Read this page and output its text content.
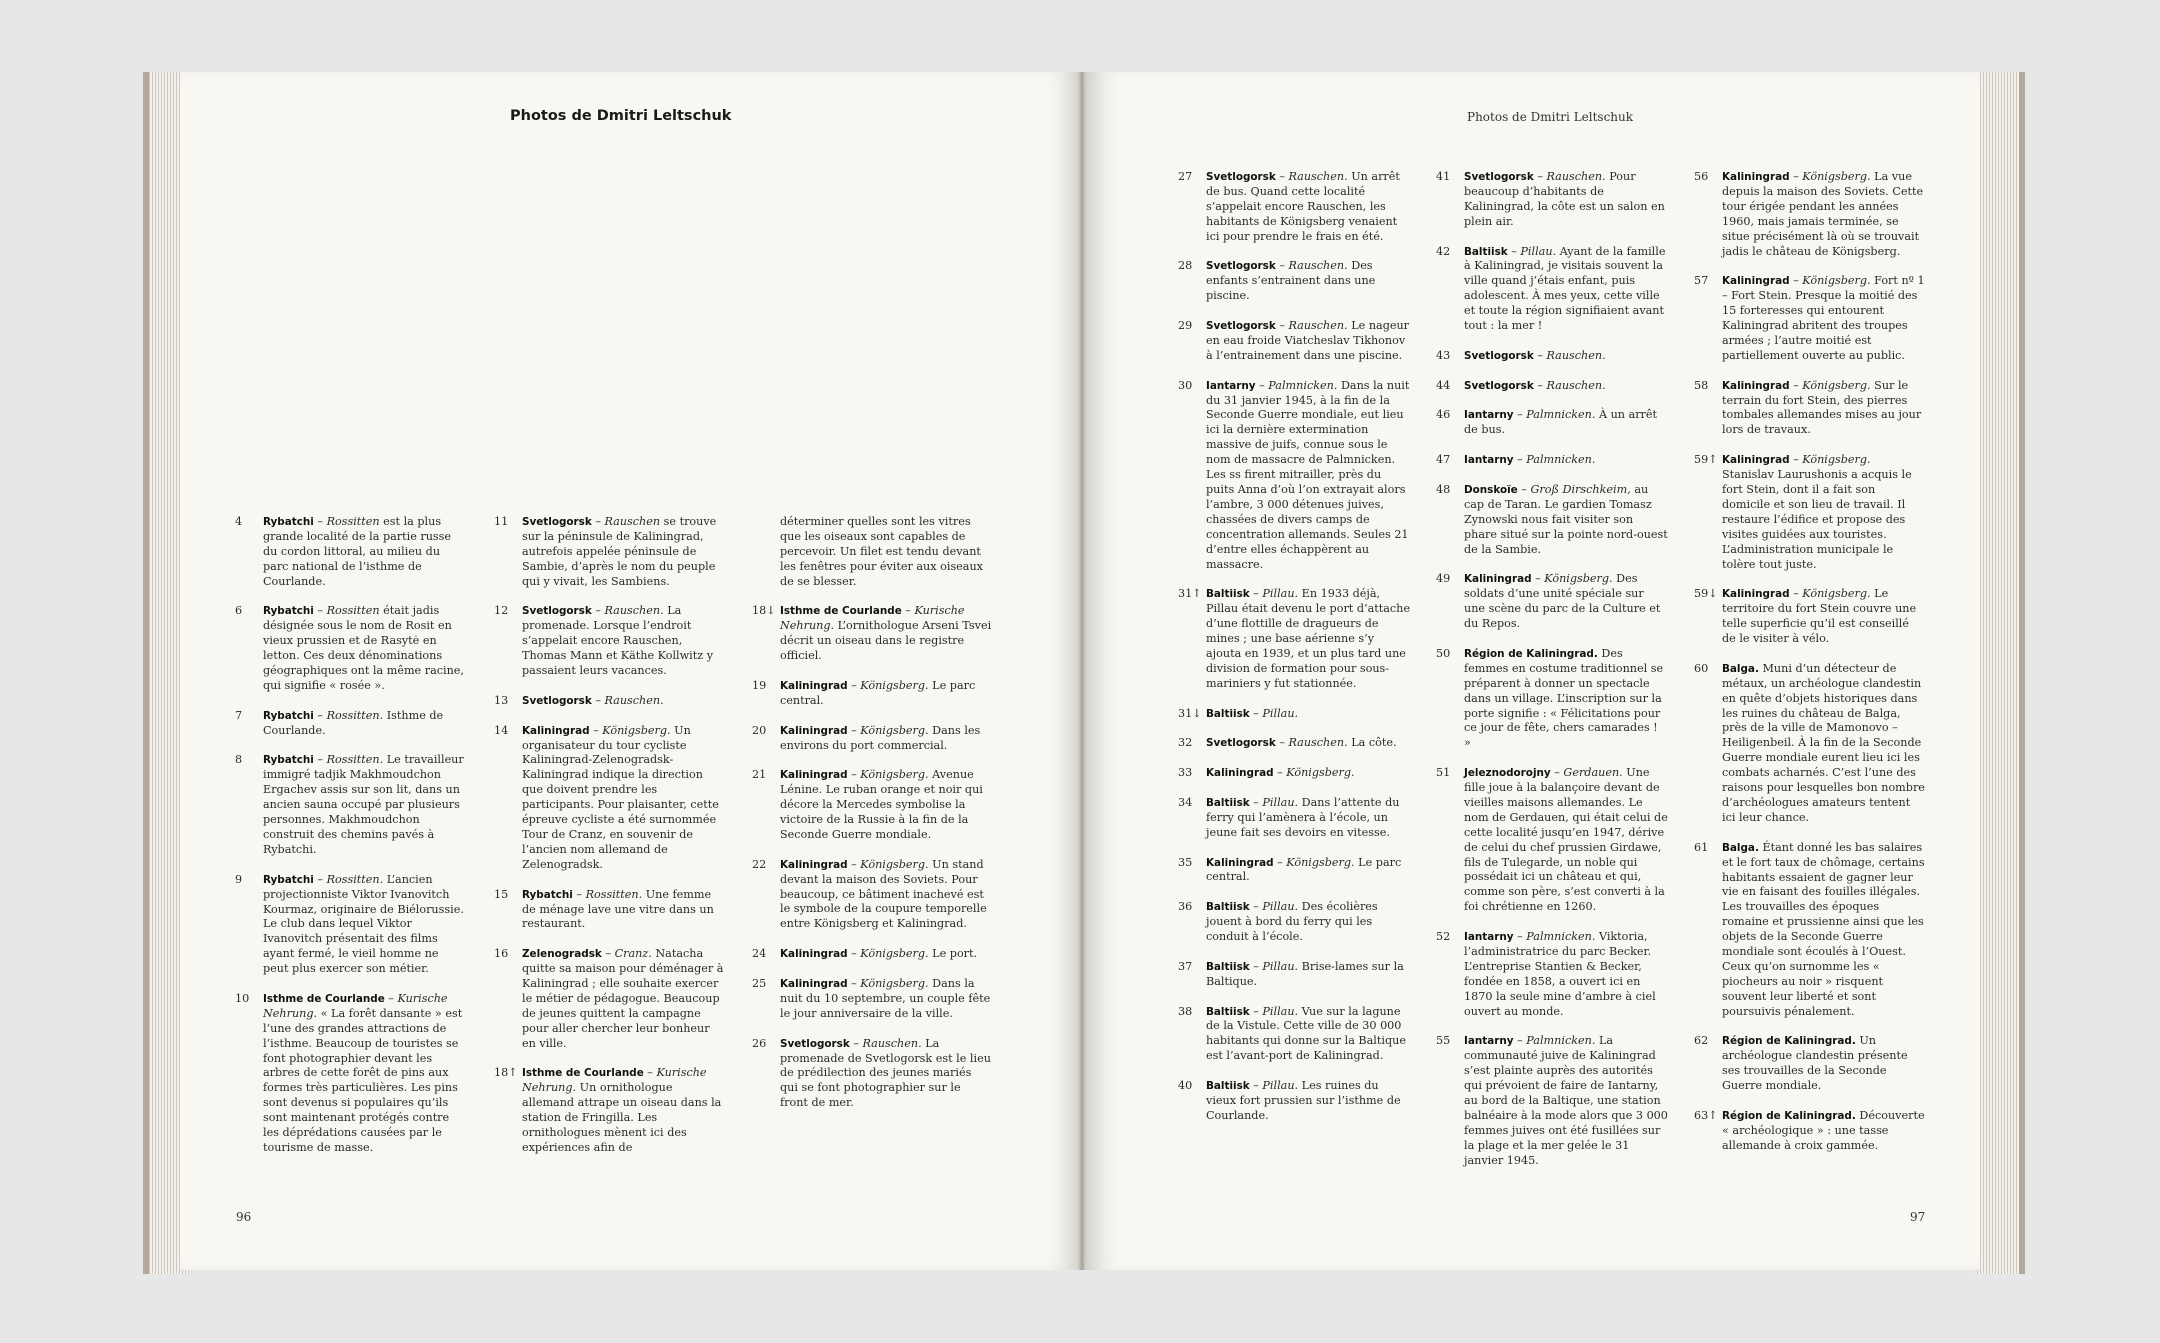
Photos de Dmitri Leltschuk	Photos de Dmitri Leltschuk
4	Rybatchi – Rossitten est la plus grande localité de la partie russe du cordon littoral, au milieu du parc national de l’isthme de Courlande.
6	Rybatchi – Rossitten était jadis désignée sous le nom de Rosit en vieux prussien et de Rasytė en letton. Ces deux dénominations géographiques ont la même racine, qui signifie « rosée ».
7	Rybatchi – Rossitten. Isthme de Courlande.
8	Rybatchi – Rossitten. Le travailleur immigré tadjik Makhmoudchon Ergachev assis sur son lit, dans un ancien sauna occupé par plusieurs personnes. Makhmoudchon construit des chemins pavés à Rybatchi.
9	Rybatchi – Rossitten. L’ancien projectionniste Viktor Ivanovitch Kourmaz, originaire de Biélorussie. Le club dans lequel Viktor Ivanovitch présentait des films ayant fermé, le vieil homme ne peut plus exercer son métier.
10	Isthme de Courlande – Kurische Nehrung. « La forêt dansante » est l’une des grandes attractions de l’isthme. Beaucoup de touristes se font photographier devant les arbres de cette forêt de pins aux formes très particulières. Les pins sont devenus si populaires qu’ils sont maintenant protégés contre les déprédations causées par le tourisme de masse.
11	Svetlogorsk – Rauschen se trouve sur la péninsule de Kaliningrad, autrefois appelée péninsule de Sambie, d’après le nom du peuple qui y vivait, les Sambiens.
12	Svetlogorsk – Rauschen. La promenade. Lorsque l’endroit s’appelait encore Rauschen, Thomas Mann et Käthe Kollwitz y passaient leurs vacances.
13	Svetlogorsk – Rauschen.
14	Kaliningrad – Königsberg. Un organisateur du tour cycliste Kaliningrad-Zelenogradsk-Kaliningrad indique la direction que doivent prendre les participants. Pour plaisanter, cette épreuve cycliste a été surnommée Tour de Cranz, en souvenir de l’ancien nom allemand de Zelenogradsk.
15	Rybatchi – Rossitten. Une femme de ménage lave une vitre dans un restaurant.
16	Zelenogradsk – Cranz. Natacha quitte sa maison pour déménager à Kaliningrad ; elle souhaite exercer le métier de pédagogue. Beaucoup de jeunes quittent la campagne pour aller chercher leur bonheur en ville.
18↑ Isthme de Courlande – Kurische Nehrung. Un ornithologue allemand attrape un oiseau dans la station de Fringilla. Les ornithologues mènent ici des expériences afin de
déterminer quelles sont les vitres que les oiseaux sont capables de percevoir. Un filet est tendu devant les fenêtres pour éviter aux oiseaux de se blesser.
18↓ Isthme de Courlande – Kurische Nehrung. L’ornithologue Arseni Tsvei décrit un oiseau dans le registre officiel.
19	Kaliningrad – Königsberg. Le parc central.
20	Kaliningrad – Königsberg. Dans les environs du port commercial.
21	Kaliningrad – Königsberg. Avenue Lénine. Le ruban orange et noir qui décore la Mercedes symbolise la victoire de la Russie à la fin de la Seconde Guerre mondiale.
22	Kaliningrad – Königsberg. Un stand devant la maison des Soviets. Pour beaucoup, ce bâtiment inachevé est le symbole de la coupure temporelle entre Königsberg et Kaliningrad.
24	Kaliningrad – Königsberg. Le port.
25	Kaliningrad – Königsberg. Dans la nuit du 10 septembre, un couple fête le jour anniversaire de la ville.
26	Svetlogorsk – Rauschen. La promenade de Svetlogorsk est le lieu de prédilection des jeunes mariés qui se font photographier sur le front de mer.
27	Svetlogorsk – Rauschen. Un arrêt de bus. Quand cette localité s’appelait encore Rauschen, les habitants de Königsberg venaient ici pour prendre le frais en été.
28	Svetlogorsk – Rauschen. Des enfants s’entrainent dans une piscine.
29	Svetlogorsk – Rauschen. Le nageur en eau froide Viatcheslav Tikhonov à l’entrainement dans une piscine.
30	Iantarny – Palmnicken. Dans la nuit du 31 janvier 1945, à la fin de la Seconde Guerre mondiale, eut lieu ici la dernière extermination massive de juifs, connue sous le nom de massacre de Palmnicken. Les ss firent mitrailler, près du puits Anna d’où l’on extrayait alors l’ambre, 3 000 détenues juives, chassées de divers camps de concentration allemands. Seules 21 d’entre elles échappèrent au massacre.
31↑ Baltiisk – Pillau. En 1933 déjà, Pillau était devenu le port d’attache d’une flottille de dragueurs de mines ; une base aérienne s’y ajouta en 1939, et un plus tard une division de formation pour sous-mariniers y fut stationnée.
31↓ Baltiisk – Pillau.
32	Svetlogorsk – Rauschen. La côte.
33	Kaliningrad – Königsberg.
34	Baltiisk – Pillau. Dans l’attente du ferry qui l’amènera à l’école, un jeune fait ses devoirs en vitesse.
35	Kaliningrad – Königsberg. Le parc central.
36	Baltiisk – Pillau. Des écolières jouent à bord du ferry qui les conduit à l’école.
37	Baltiisk – Pillau. Brise-lames sur la Baltique.
38	Baltiisk – Pillau. Vue sur la lagune de la Vistule. Cette ville de 30 000 habitants qui donne sur la Baltique est l’avant-port de Kaliningrad.
40	Baltiisk – Pillau. Les ruines du vieux fort prussien sur l’isthme de Courlande.
41	Svetlogorsk – Rauschen. Pour beaucoup d’habitants de Kaliningrad, la côte est un salon en plein air.
42	Baltiisk – Pillau. Ayant de la famille à Kaliningrad, je visitais souvent la ville quand j’étais enfant, puis adolescent. À mes yeux, cette ville et toute la région signifiaient avant tout : la mer !
43	Svetlogorsk – Rauschen.
44	Svetlogorsk – Rauschen.
46	Iantarny – Palmnicken. À un arrêt de bus.
47	Iantarny – Palmnicken.
48	Donskoïe – Groß Dirschkeim, au cap de Taran. Le gardien Tomasz Zynowski nous fait visiter son phare situé sur la pointe nord-ouest de la Sambie.
49	Kaliningrad – Königsberg. Des soldats d’une unité spéciale sur une scène du parc de la Culture et du Repos.
50	Région de Kaliningrad. Des femmes en costume traditionnel se préparent à donner un spectacle dans un village. L’inscription sur la porte signifie : « Félicitations pour ce jour de fête, chers camarades ! »
51	Jeleznodorojny – Gerdauen. Une fille joue à la balançoire devant de vieilles maisons allemandes. Le nom de Gerdauen, qui était celui de cette localité jusqu’en 1947, dérive de celui du chef prussien Girdawe, fils de Tulegarde, un noble qui possédait ici un château et qui, comme son père, s’est converti à la foi chrétienne en 1260.
52	Iantarny – Palmnicken. Viktoria, l’administratrice du parc Becker. L’entreprise Stantien & Becker, fondée en 1858, a ouvert ici en 1870 la seule mine d’ambre à ciel ouvert au monde.
55	Iantarny – Palmnicken. La communauté juive de Kaliningrad s’est plainte auprès des autorités qui prévoient de faire de Iantarny, au bord de la Baltique, une station balnéaire à la mode alors que 3 000 femmes juives ont été fusillées sur la plage et la mer gelée le 31 janvier 1945.
56	Kaliningrad – Königsberg. La vue depuis la maison des Soviets. Cette tour érigée pendant les années 1960, mais jamais terminée, se situe précisément là où se trouvait jadis le château de Königsberg.
57	Kaliningrad – Königsberg. Fort nº 1 – Fort Stein. Presque la moitié des 15 forteresses qui entourent Kaliningrad abritent des troupes armées ; l’autre moitié est partiellement ouverte au public.
58	Kaliningrad – Königsberg. Sur le terrain du fort Stein, des pierres tombales allemandes mises au jour lors de travaux.
59↑ Kaliningrad – Königsberg. Stanislav Laurushonis a acquis le fort Stein, dont il a fait son domicile et son lieu de travail. Il restaure l’édifice et propose des visites guidées aux touristes. L’administration municipale le tolère tout juste.
59↓ Kaliningrad – Königsberg. Le territoire du fort Stein couvre une telle superficie qu’il est conseillé de le visiter à vélo.
60	Balga. Muni d’un détecteur de métaux, un archéologue clandestin en quête d’objets historiques dans les ruines du château de Balga, près de la ville de Mamonovo – Heiligenbeil. À la fin de la Seconde Guerre mondiale eurent lieu ici les combats acharnés. C’est l’une des raisons pour lesquelles bon nombre d’archéologues amateurs tentent ici leur chance.
61	Balga. Étant donné les bas salaires et le fort taux de chômage, certains habitants essaient de gagner leur vie en faisant des fouilles illégales. Les trouvailles des époques romaine et prussienne ainsi que les objets de la Seconde Guerre mondiale sont écoulés à l’Ouest. Ceux qu’on surnomme les « piocheurs au noir » risquent souvent leur liberté et sont poursuivis pénalement.
62	Région de Kaliningrad. Un archéologue clandestin présente ses trouvailles de la Seconde Guerre mondiale.
63↑ Région de Kaliningrad. Découverte « archéologique » : une tasse allemande à croix gammée.
96	97
